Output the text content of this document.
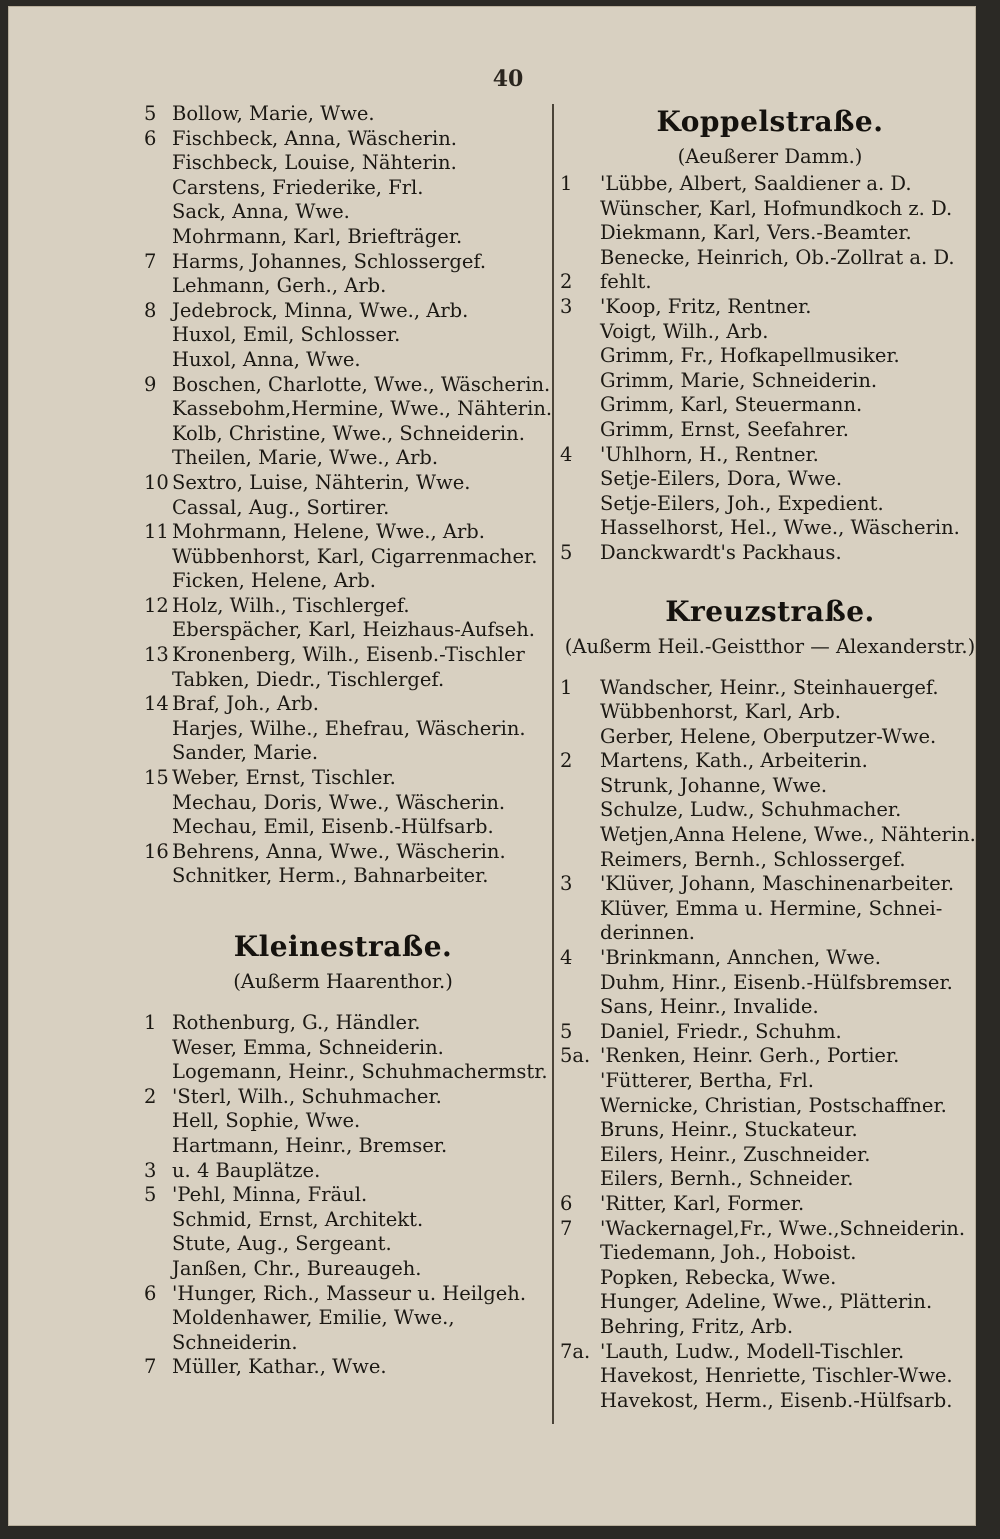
40
5 Bollow, Marie, Wwe.
6 Fischbeck, Anna, Wäscherin.
Fischbeck, Louise, Nähterin.
Carstens, Friederike, Frl.
Sack, Anna, Wwe.
Mohrmann, Karl, Briefträger.
7 Harms, Johannes, Schlossergef.
Lehmann, Gerh., Arb.
8 Jedebrock, Minna, Wwe., Arb.
Huxol, Emil, Schlosser.
Huxol, Anna, Wwe.
9 Boschen, Charlotte, Wwe., Wäscherin.
Kassebohm,Hermine, Wwe., Nähterin.
Kolb, Christine, Wwe., Schneiderin.
Theilen, Marie, Wwe., Arb.
10 Sextro, Luise, Nähterin, Wwe.
Cassal, Aug., Sortirer.
11 Mohrmann, Helene, Wwe., Arb.
Wübbenhorst, Karl, Cigarrenmacher.
Ficken, Helene, Arb.
12 Holz, Wilh., Tischlergef.
Eberspächer, Karl, Heizhaus-Aufseh.
13 Kronenberg, Wilh., Eisenb.-Tischler
Tabken, Diedr., Tischlergef.
14 Braf, Joh., Arb.
Harjes, Wilhe., Ehefrau, Wäscherin.
Sander, Marie.
15 Weber, Ernst, Tischler.
Mechau, Doris, Wwe., Wäscherin.
Mechau, Emil, Eisenb.-Hülfsarb.
16 Behrens, Anna, Wwe., Wäscherin.
Schnitker, Herm., Bahnarbeiter.
Kleinestraße.
(Außerm Haarenthor.)
1 Rothenburg, G., Händler.
Weser, Emma, Schneiderin.
Logemann, Heinr., Schuhmachermstr.
2 'Sterl, Wilh., Schuhmacher.
Hell, Sophie, Wwe.
Hartmann, Heinr., Bremser.
3 u. 4 Bauplätze.
5 'Pehl, Minna, Fräul.
Schmid, Ernst, Architekt.
Stute, Aug., Sergeant.
Janßen, Chr., Bureaugeh.
6 'Hunger, Rich., Masseur u. Heilgeh.
Moldenhawer, Emilie, Wwe.,
Schneiderin.
7 Müller, Kathar., Wwe.
Koppelstraße.
(Aeußerer Damm.)
1	'Lübbe, Albert, Saaldiener a. D.
Wünscher, Karl, Hofmundkoch z. D.
Diekmann, Karl, Vers.-Beamter.
Benecke, Heinrich, Ob.-Zollrat a. D.
2	fehlt.
3	'Koop, Fritz, Rentner.
Voigt, Wilh., Arb.
Grimm, Fr., Hofkapellmusiker.
Grimm, Marie, Schneiderin.
Grimm, Karl, Steuermann.
Grimm, Ernst, Seefahrer.
4	'Uhlhorn, H., Rentner.
Setje-Eilers, Dora, Wwe.
Setje-Eilers, Joh., Expedient.
Hasselhorst, Hel., Wwe., Wäscherin.
5	Danckwardt's Packhaus.
Kreuzstraße.
(Außerm Heil.-Geistthor — Alexanderstr.)
1	Wandscher, Heinr., Steinhauergef.
Wübbenhorst, Karl, Arb.
Gerber, Helene, Oberputzer-Wwe.
2	Martens, Kath., Arbeiterin.
Strunk, Johanne, Wwe.
Schulze, Ludw., Schuhmacher.
Wetjen,Anna Helene, Wwe., Nähterin.
Reimers, Bernh., Schlossergef.
3	'Klüver, Johann, Maschinenarbeiter.
Klüver, Emma u. Hermine, Schnei-
derinnen.
4	'Brinkmann, Annchen, Wwe.
Duhm, Hinr., Eisenb.-Hülfsbremser.
Sans, Heinr., Invalide.
5	Daniel, Friedr., Schuhm.
5a. 'Renken, Heinr. Gerh., Portier.
'Fütterer, Bertha, Frl.
Wernicke, Christian, Postschaffner.
Bruns, Heinr., Stuckateur.
Eilers, Heinr., Zuschneider.
Eilers, Bernh., Schneider.
6	'Ritter, Karl, Former.
7	'Wackernagel,Fr., Wwe.,Schneiderin.
Tiedemann, Joh., Hoboist.
Popken, Rebecka, Wwe.
Hunger, Adeline, Wwe., Plätterin.
Behring, Fritz, Arb.
7a. 'Lauth, Ludw., Modell-Tischler.
Havekost, Henriette, Tischler-Wwe.
Havekost, Herm., Eisenb.-Hülfsarb.
